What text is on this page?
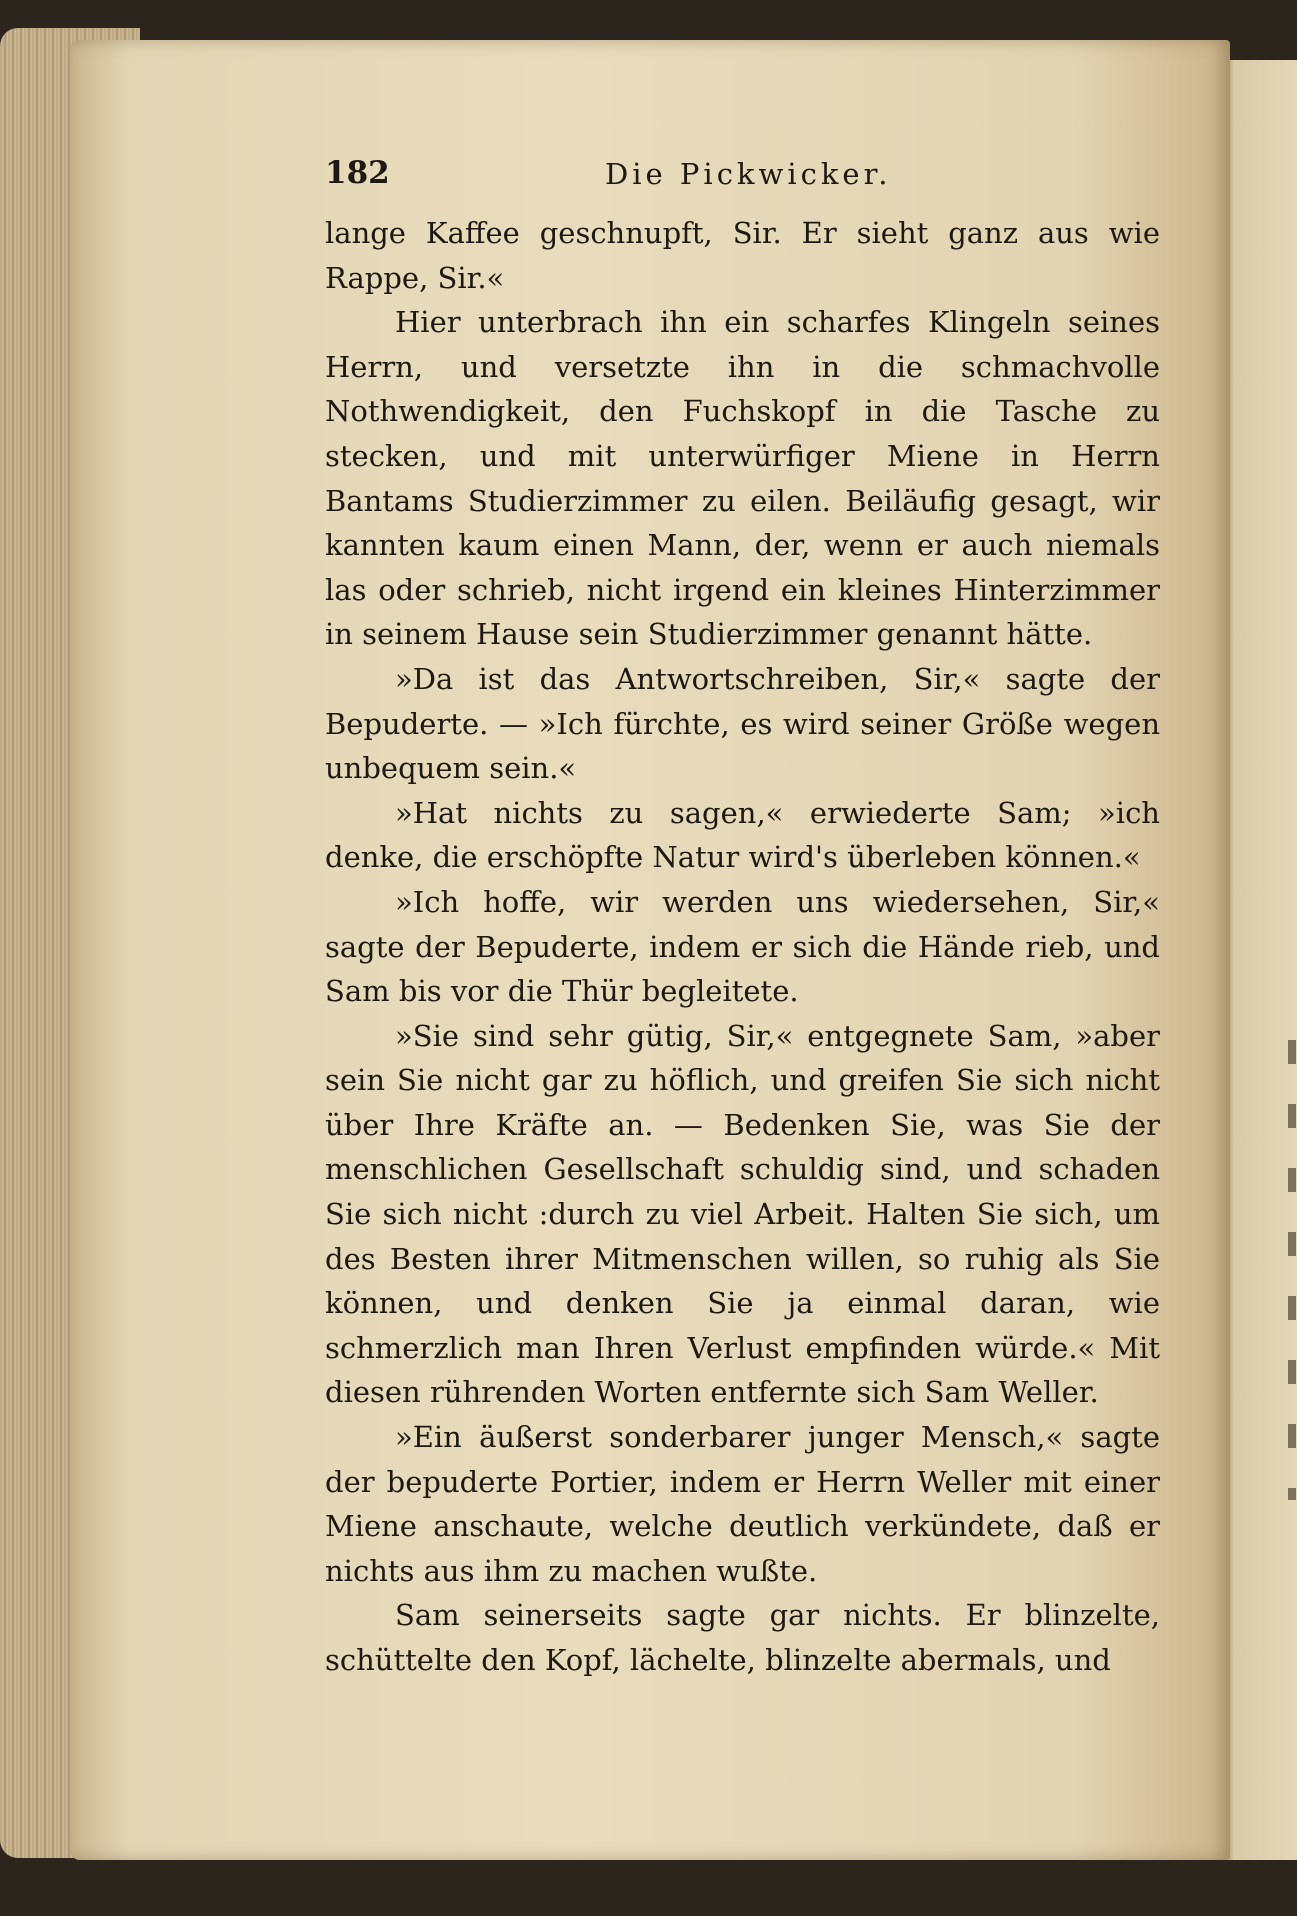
182	Die Pickwicker.

lange Kaffee geschnupft, Sir. Er sieht ganz aus wie Rappe, Sir.«

Hier unterbrach ihn ein scharfes Klingeln seines Herrn, und versetzte ihn in die schmachvolle Nothwendigkeit, den Fuchskopf in die Tasche zu stecken, und mit unterwürfiger Miene in Herrn Bantams Studierzimmer zu eilen. Beiläufig gesagt, wir kannten kaum einen Mann, der, wenn er auch niemals las oder schrieb, nicht irgend ein kleines Hinterzimmer in seinem Hause sein Studierzimmer genannt hätte.

»Da ist das Antwortschreiben, Sir,« sagte der Bepuderte. — »Ich fürchte, es wird seiner Größe wegen unbequem sein.«

»Hat nichts zu sagen,« erwiederte Sam; »ich denke, die erschöpfte Natur wird's überleben können.«

»Ich hoffe, wir werden uns wiedersehen, Sir,« sagte der Bepuderte, indem er sich die Hände rieb, und Sam bis vor die Thür begleitete.

»Sie sind sehr gütig, Sir,« entgegnete Sam, »aber sein Sie nicht gar zu höflich, und greifen Sie sich nicht über Ihre Kräfte an. — Bedenken Sie, was Sie der menschlichen Gesellschaft schuldig sind, und schaden Sie sich nicht :durch zu viel Arbeit. Halten Sie sich, um des Besten ihrer Mitmenschen willen, so ruhig als Sie können, und denken Sie ja einmal daran, wie schmerzlich man Ihren Verlust empfinden würde.« Mit diesen rührenden Worten entfernte sich Sam Weller.

»Ein äußerst sonderbarer junger Mensch,« sagte der bepuderte Portier, indem er Herrn Weller mit einer Miene anschaute, welche deutlich verkündete, daß er nichts aus ihm zu machen wußte.

Sam seinerseits sagte gar nichts. Er blinzelte, schüttelte den Kopf, lächelte, blinzelte abermals, und
